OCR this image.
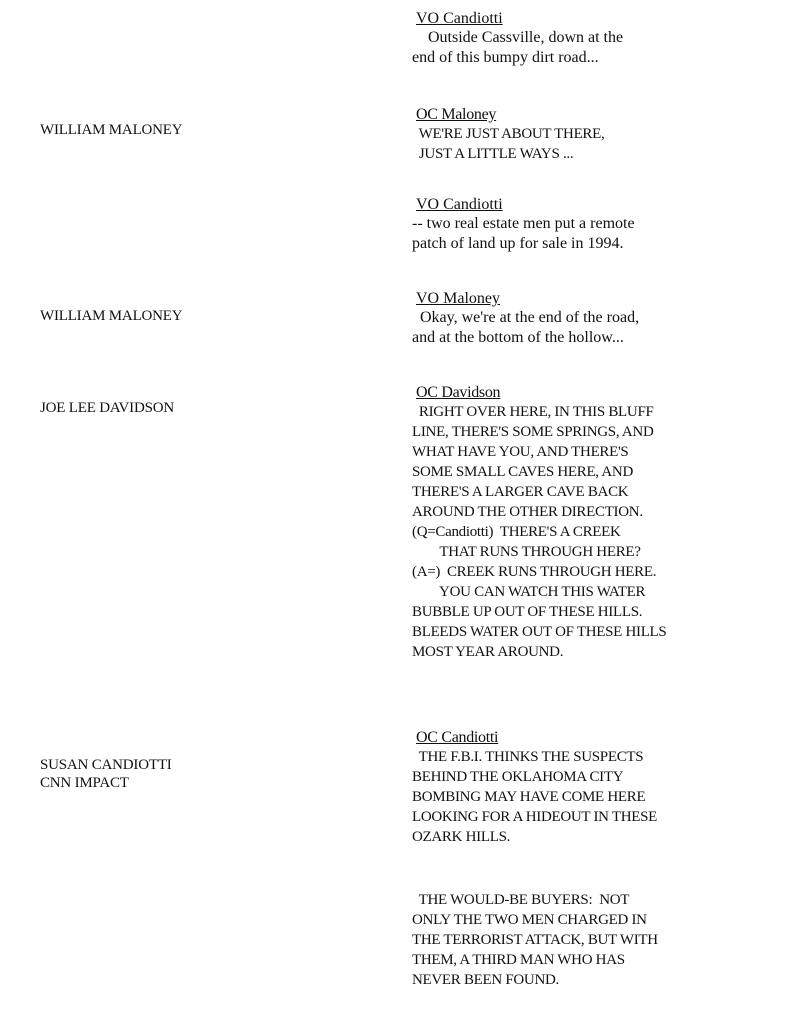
WILLIAM MALONEY
WILLIAM MALONEY
JOE LEE DAVIDSON
SUSAN CANDIOTTI
CNN IMPACT
VO Candiotti
Outside Cassville, down at the
end of this bumpy dirt road...
OC Maloney
WE'RE JUST ABOUT THERE,
JUST A LITTLE WAYS ...
VO Candiotti
-- two real estate men put a remote
patch of land up for sale in 1994.
VO Maloney
Okay, we're at the end of the road,
and at the bottom of the hollow...
OC Davidson
RIGHT OVER HERE, IN THIS BLUFF
LINE, THERE'S SOME SPRINGS, AND
WHAT HAVE YOU, AND THERE'S
SOME SMALL CAVES HERE, AND
THERE'S A LARGER CAVE BACK
AROUND THE OTHER DIRECTION.
(Q=Candiotti)  THERE'S A CREEK
THAT RUNS THROUGH HERE?
(A=)  CREEK RUNS THROUGH HERE.
YOU CAN WATCH THIS WATER
BUBBLE UP OUT OF THESE HILLS.
BLEEDS WATER OUT OF THESE HILLS
MOST YEAR AROUND.
OC Candiotti
THE F.B.I. THINKS THE SUSPECTS
BEHIND THE OKLAHOMA CITY
BOMBING MAY HAVE COME HERE
LOOKING FOR A HIDEOUT IN THESE
OZARK HILLS.
THE WOULD-BE BUYERS:  NOT
ONLY THE TWO MEN CHARGED IN
THE TERRORIST ATTACK, BUT WITH
THEM, A THIRD MAN WHO HAS
NEVER BEEN FOUND.
